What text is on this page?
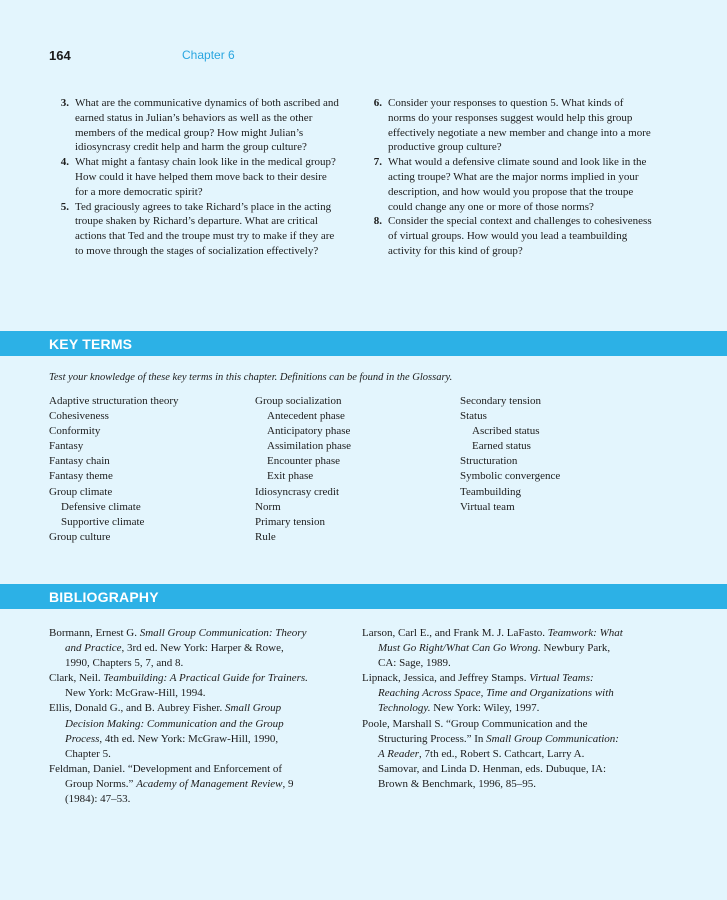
164	Chapter 6
3. What are the communicative dynamics of both ascribed and earned status in Julian’s behaviors as well as the other members of the medical group? How might Julian’s idiosyncrasy credit help and harm the group culture?
4. What might a fantasy chain look like in the medical group? How could it have helped them move back to their desire for a more democratic spirit?
5. Ted graciously agrees to take Richard’s place in the acting troupe shaken by Richard’s departure. What are critical actions that Ted and the troupe must try to make if they are to move through the stages of socialization effectively?
6. Consider your responses to question 5. What kinds of norms do your responses suggest would help this group effectively negotiate a new member and change into a more productive group culture?
7. What would a defensive climate sound and look like in the acting troupe? What are the major norms implied in your description, and how would you propose that the troupe could change any one or more of those norms?
8. Consider the special context and challenges to cohesiveness of virtual groups. How would you lead a teambuilding activity for this kind of group?
KEY TERMS
Test your knowledge of these key terms in this chapter. Definitions can be found in the Glossary.
Adaptive structuration theory
Cohesiveness
Conformity
Fantasy
Fantasy chain
Fantasy theme
Group climate
Defensive climate
Supportive climate
Group culture
Group socialization
Antecedent phase
Anticipatory phase
Assimilation phase
Encounter phase
Exit phase
Idiosyncrasy credit
Norm
Primary tension
Rule
Secondary tension
Status
Ascribed status
Earned status
Structuration
Symbolic convergence
Teambuilding
Virtual team
BIBLIOGRAPHY
Bormann, Ernest G. Small Group Communication: Theory and Practice, 3rd ed. New York: Harper & Rowe, 1990, Chapters 5, 7, and 8.
Clark, Neil. Teambuilding: A Practical Guide for Trainers. New York: McGraw-Hill, 1994.
Ellis, Donald G., and B. Aubrey Fisher. Small Group Decision Making: Communication and the Group Process, 4th ed. New York: McGraw-Hill, 1990, Chapter 5.
Feldman, Daniel. “Development and Enforcement of Group Norms.” Academy of Management Review, 9 (1984): 47–53.
Larson, Carl E., and Frank M. J. LaFasto. Teamwork: What Must Go Right/What Can Go Wrong. Newbury Park, CA: Sage, 1989.
Lipnack, Jessica, and Jeffrey Stamps. Virtual Teams: Reaching Across Space, Time and Organizations with Technology. New York: Wiley, 1997.
Poole, Marshall S. “Group Communication and the Structuring Process.” In Small Group Communication: A Reader, 7th ed., Robert S. Cathcart, Larry A. Samovar, and Linda D. Henman, eds. Dubuque, IA: Brown & Benchmark, 1996, 85–95.
